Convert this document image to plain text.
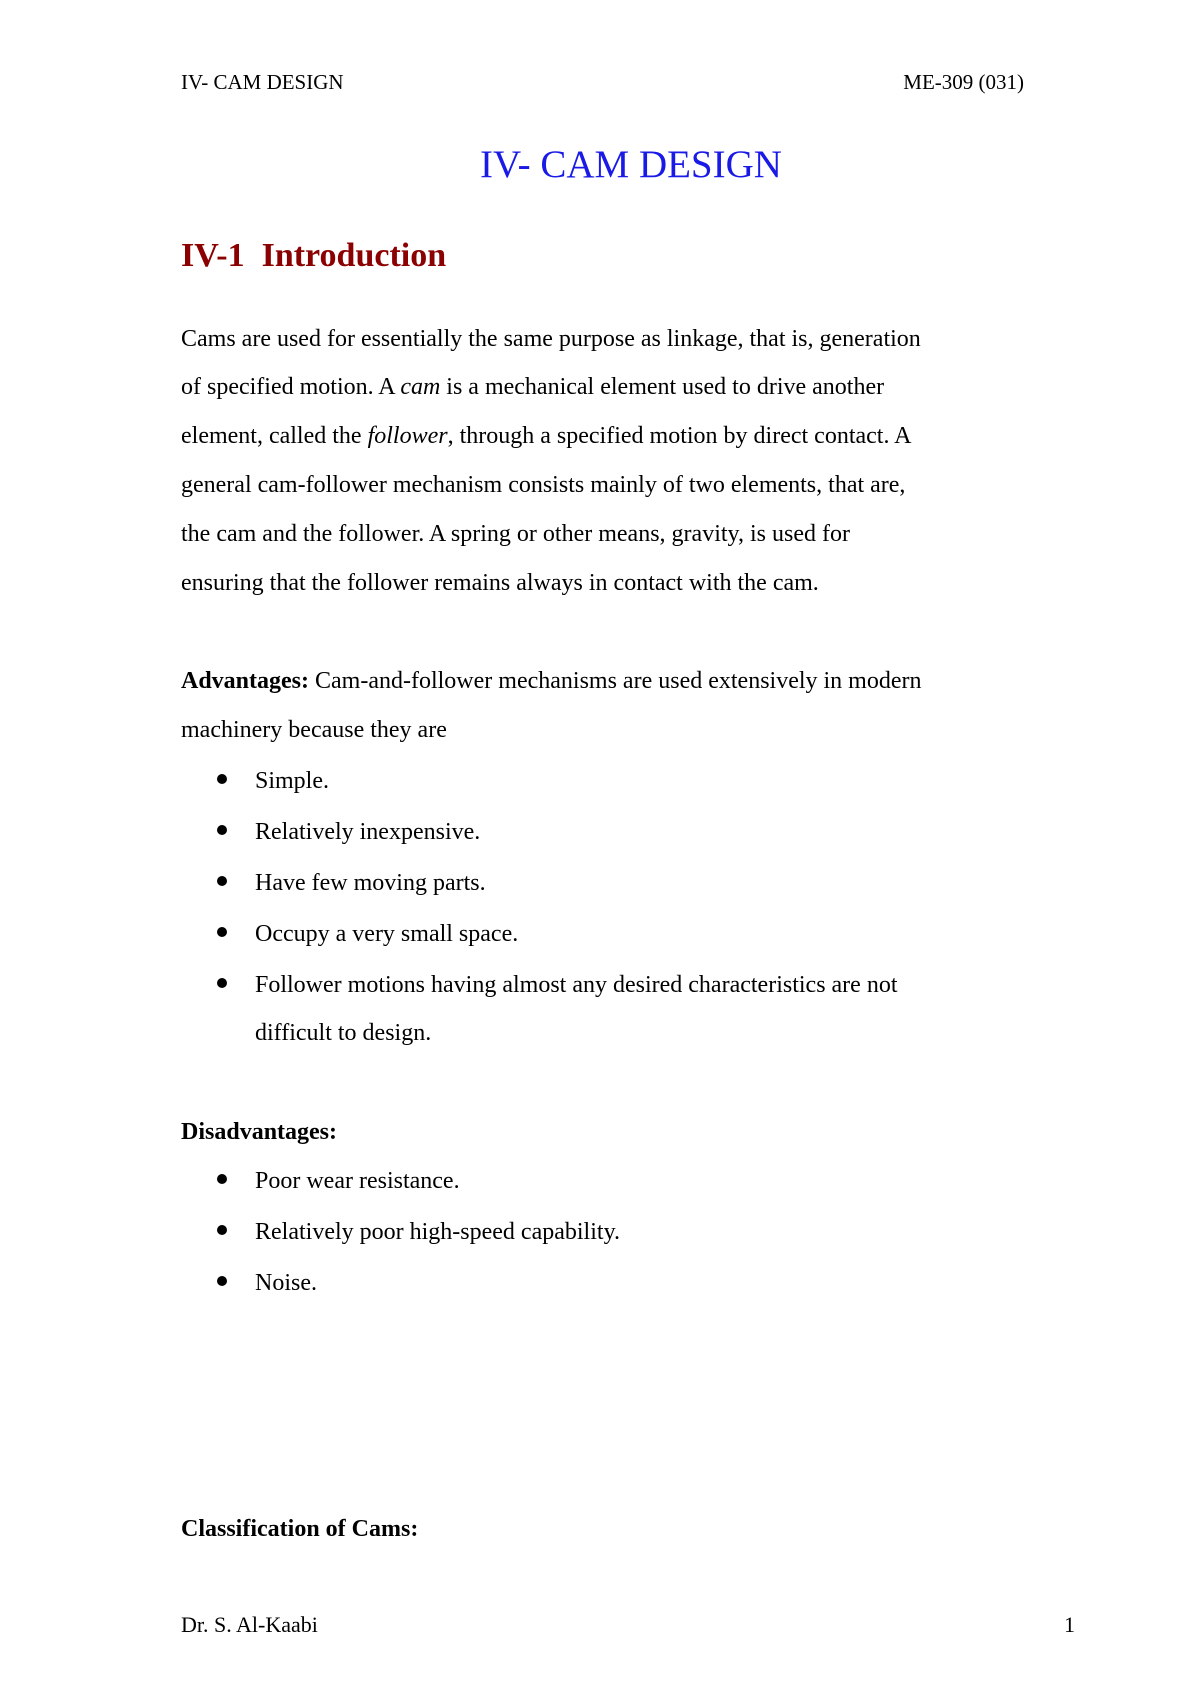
IV- CAM DESIGN	ME-309 (031)
IV- CAM DESIGN
IV-1 Introduction
Cams are used for essentially the same purpose as linkage, that is, generation
of specified motion. A cam is a mechanical element used to drive another
element, called the follower, through a specified motion by direct contact. A
general cam-follower mechanism consists mainly of two elements, that are,
the cam and the follower. A spring or other means, gravity, is used for
ensuring that the follower remains always in contact with the cam.
Advantages: Cam-and-follower mechanisms are used extensively in modern
machinery because they are
Simple.
Relatively inexpensive.
Have few moving parts.
Occupy a very small space.
Follower motions having almost any desired characteristics are not
difficult to design.
Disadvantages:
Poor wear resistance.
Relatively poor high-speed capability.
Noise.
Classification of Cams:
Dr. S. Al-Kaabi	1
